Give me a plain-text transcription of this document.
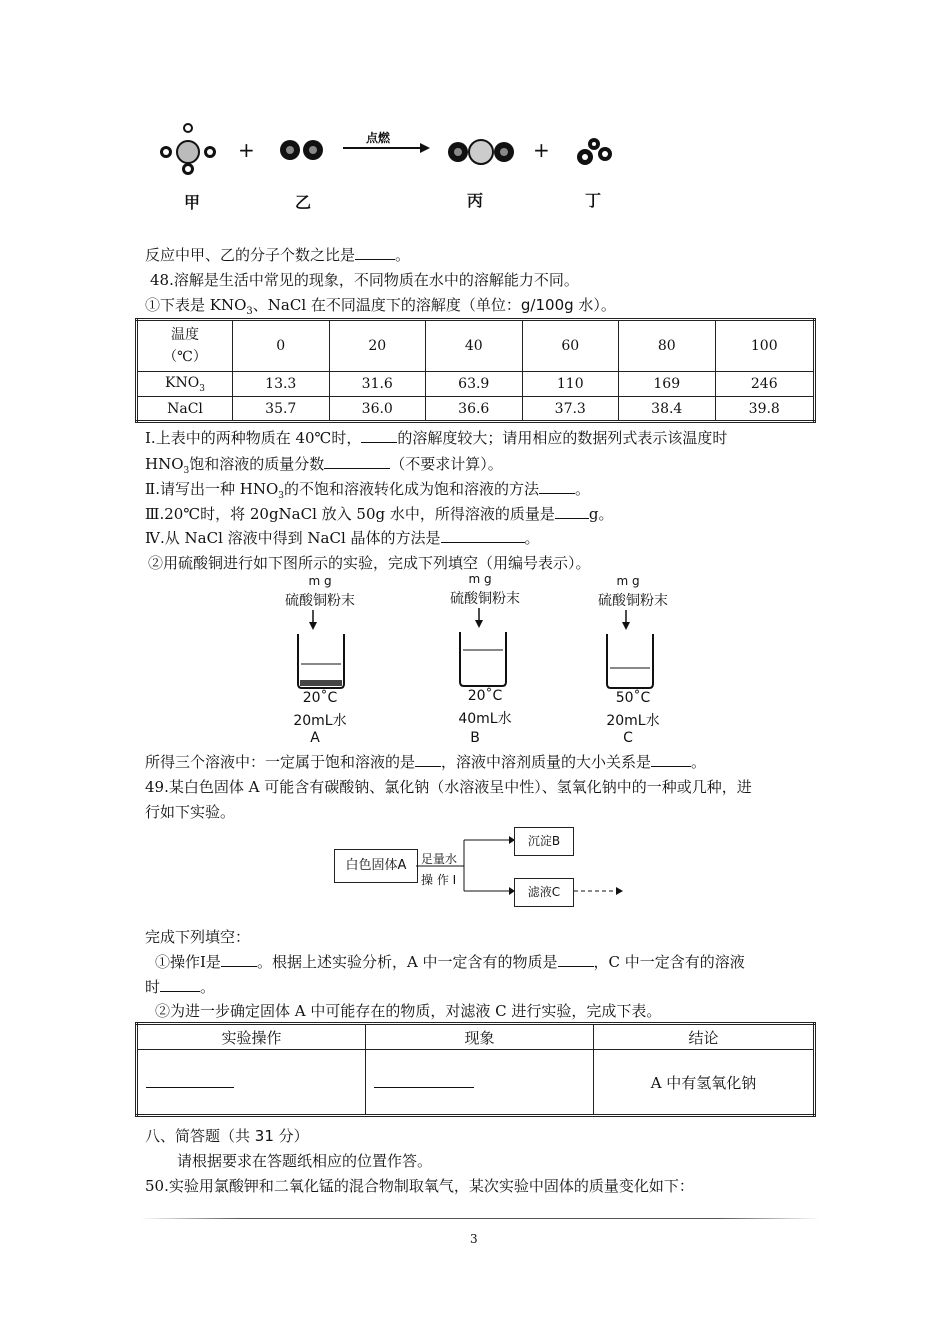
+	+
点燃
甲	乙	丙	丁
反应中甲、乙的分子个数之比是	。
48.溶解是生活中常见的现象，不同物质在水中的溶解能力不同。
①下表是 $KNO_3$、NaCl 在不同温度下的溶解度（单位：g/100g 水）。
温度
（℃）	0	20	40	60	80	100
$KNO_3$	13.3	31.6	63.9	110	169	246
NaCl	35.7	36.0	36.6	37.3	38.4	39.8
Ⅰ.上表中的两种物质在 40℃时， 的溶解度较大；请用相应的数据列式表示该温度时
$HNO_3$饱和溶液的质量分数	（不要求计算）。
Ⅱ.请写出一种 $HNO_3$的不饱和溶液转化成为饱和溶液的方法 。
Ⅲ.20℃时，将 20gNaCl 放入 50g 水中，所得溶液的质量是 g。
Ⅳ.从 NaCl 溶液中得到 NaCl 晶体的方法是	。
②用硫酸铜进行如下图所示的实验，完成下列填空（用编号表示）。
m g
硫酸铜粉末
20˚C
20mL水
A
m g
硫酸铜粉末
20˚C
40mL水
B
m g
硫酸铜粉末
50˚C
20mL水
C
所得三个溶液中：一定属于饱和溶液的是 ，溶液中溶剂质量的大小关系是	。
49.某白色固体 A 可能含有碳酸钠、氯化钠（水溶液呈中性）、氢氧化钠中的一种或几种，进
行如下实验。
白色固体A	足量水
操 作 Ⅰ
沉淀B
滤液C
完成下列填空：
①操作Ⅰ是 。根据上述实验分析，A 中一定含有的物质是 ，C 中一定含有的溶液
时	。
②为进一步确定固体 A 中可能存在的物质，对滤液 C 进行实验，完成下表。
实验操作	现象	结论
		A 中有氢氧化钠
八、简答题（共 31 分）
请根据要求在答题纸相应的位置作答。
50.实验用氯酸钾和二氧化锰的混合物制取氧气，某次实验中固体的质量变化如下：
3
